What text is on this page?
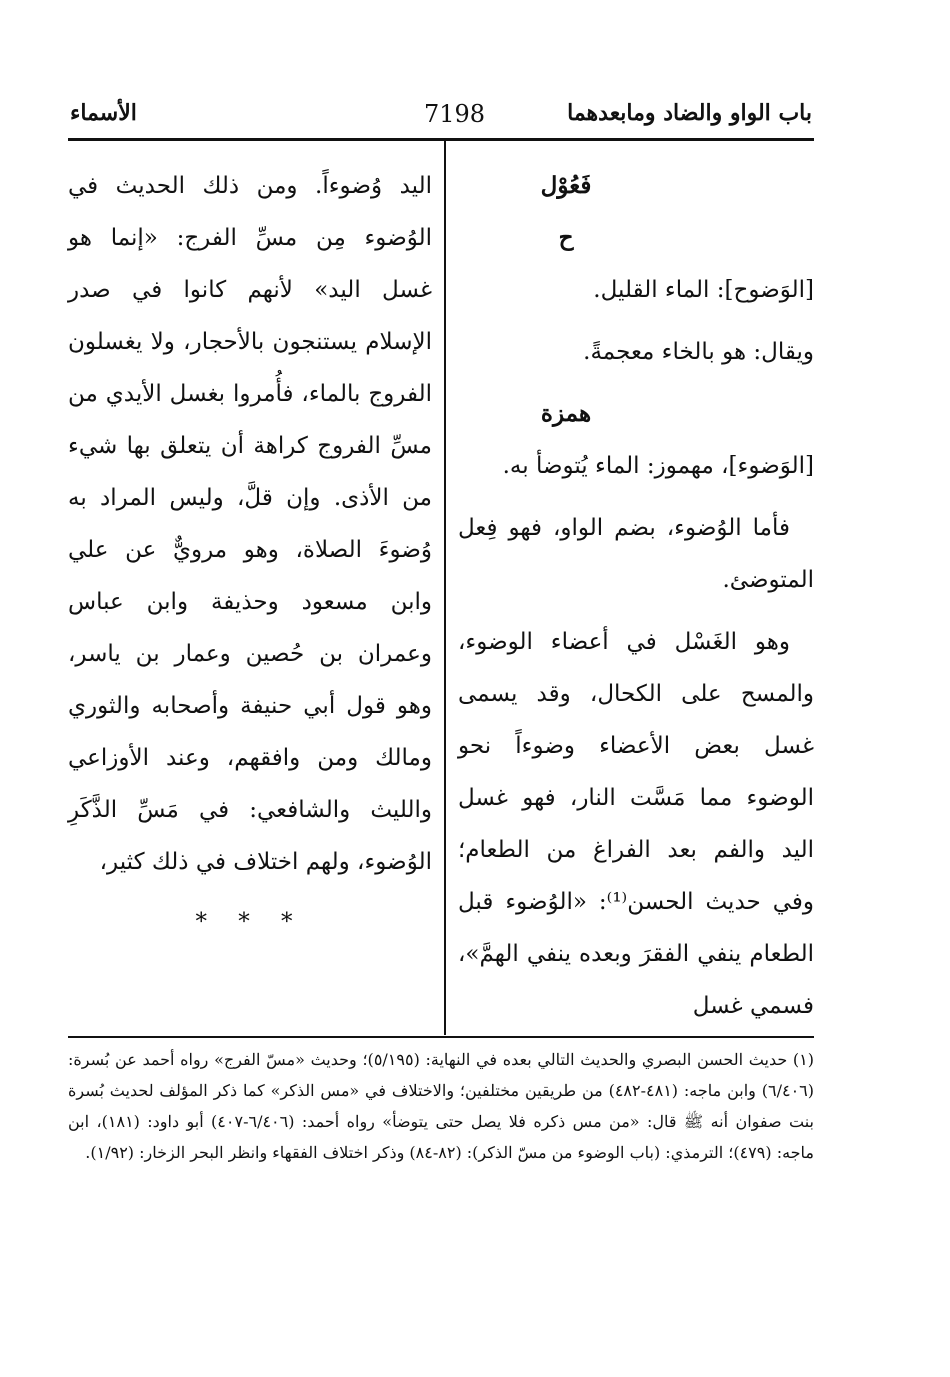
باب الواو والضاد ومابعدهما
7198
الأسماء

فَعُوْل

ح

[الوَضوح]: الماء القليل.

ويقال: هو بالخاء معجمةً.

همزة

[الوَضوء]، مهموز: الماء يُتوضأ به.

فأما الوُضوء، بضم الواو، فهو فِعل المتوضئ.

وهو الغَسْل في أعضاء الوضوء، والمسح على الكحال، وقد يسمى غسل بعض الأعضاء وضوءاً نحو الوضوء مما مَسَّت النار، فهو غسل اليد والفم بعد الفراغ من الطعام؛ وفي حديث الحسن⁽¹⁾: «الوُضوء قبل الطعام ينفي الفقرَ وبعده ينفي الهمَّ»، فسمي غسل

اليد وُضوءاً. ومن ذلك الحديث في الوُضوء مِن مسِّ الفرج: «إنما هو غسل اليد» لأنهم كانوا في صدر الإسلام يستنجون بالأحجار، ولا يغسلون الفروج بالماء، فأُمروا بغسل الأيدي من مسِّ الفروج كراهة أن يتعلق بها شيء من الأذى. وإن قلَّ، وليس المراد به وُضوءَ الصلاة، وهو مرويٌّ عن علي وابن مسعود وحذيفة وابن عباس وعمران بن حُصين وعمار بن ياسر، وهو قول أبي حنيفة وأصحابه والثوري ومالك ومن وافقهم، وعند الأوزاعي والليث والشافعي: في مَسِّ الذَّكَرِ الوُضوء، ولهم اختلاف في ذلك كثير،

* * *

(١) حديث الحسن البصري والحديث التالي بعده في النهاية: (٥/١٩٥)؛ وحديث «مسّ الفرج» رواه أحمد عن بُسرة: (٦/٤٠٦) وابن ماجه: (٤٨١-٤٨٢) من طريقين مختلفين؛ والاختلاف في «مس الذكر» كما ذكر المؤلف لحديث بُسرة بنت صفوان أنه ﷺ قال: «من مس ذكره فلا يصل حتى يتوضأ» رواه أحمد: (٦/٤٠٦-٤٠٧) أبو داود: (١٨١)، ابن ماجه: (٤٧٩)؛ الترمذي: (باب الوضوء من مسّ الذكر): (٨٢-٨٤) وذكر اختلاف الفقهاء وانظر البحر الزخار: (١/٩٢).
